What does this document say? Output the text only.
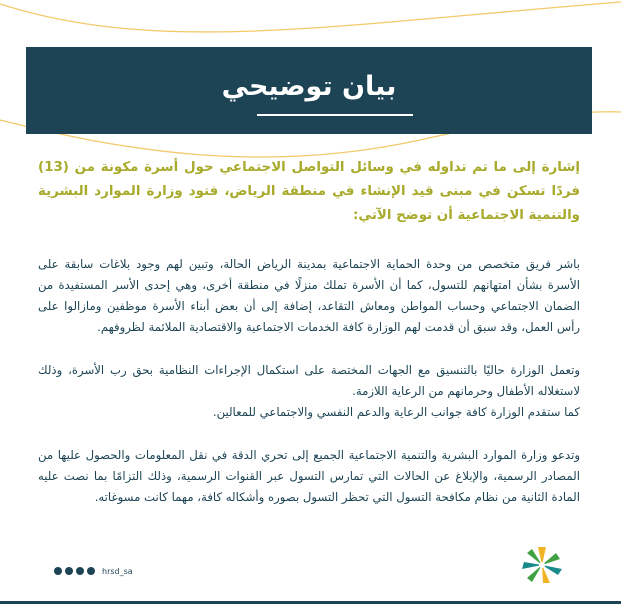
بيان توضيحي

إشارة إلى ما تم تداوله في وسائل التواصل الاجتماعي حول أسرة مكونة من (13) فردًا تسكن في مبنى قيد الإنشاء في منطقة الرياض، فتود وزارة الموارد البشرية والتنمية الاجتماعية أن توضح الآتي:

باشر فريق متخصص من وحدة الحماية الاجتماعية بمدينة الرياض الحالة، وتبين لهم وجود بلاغات سابقة على الأسرة بشأن امتهانهم للتسول، كما أن الأسرة تملك منزلًا في منطقة أخرى، وهي إحدى الأسر المستفيدة من الضمان الاجتماعي وحساب المواطن ومعاش التقاعد، إضافة إلى أن بعض أبناء الأسرة موظفين ومازالوا على رأس العمل، وقد سبق أن قدمت لهم الوزارة كافة الخدمات الاجتماعية والاقتصادية الملائمة لظروفهم.

وتعمل الوزارة حاليًا بالتنسيق مع الجهات المختصة على استكمال الإجراءات النظامية بحق رب الأسرة، وذلك لاستغلاله الأطفال وحرمانهم من الرعاية اللازمة.

كما ستقدم الوزارة كافة جوانب الرعاية والدعم النفسي والاجتماعي للمعالين.

وتدعو وزارة الموارد البشرية والتنمية الاجتماعية الجميع إلى تحري الدقة في نقل المعلومات والحصول عليها من المصادر الرسمية، والإبلاغ عن الحالات التي تمارس التسول عبر القنوات الرسمية، وذلك التزامًا بما نصت عليه المادة الثانية من نظام مكافحة التسول التي تحظر التسول بصوره وأشكاله كافة، مهما كانت مسوغاته.

hrsd_sa
